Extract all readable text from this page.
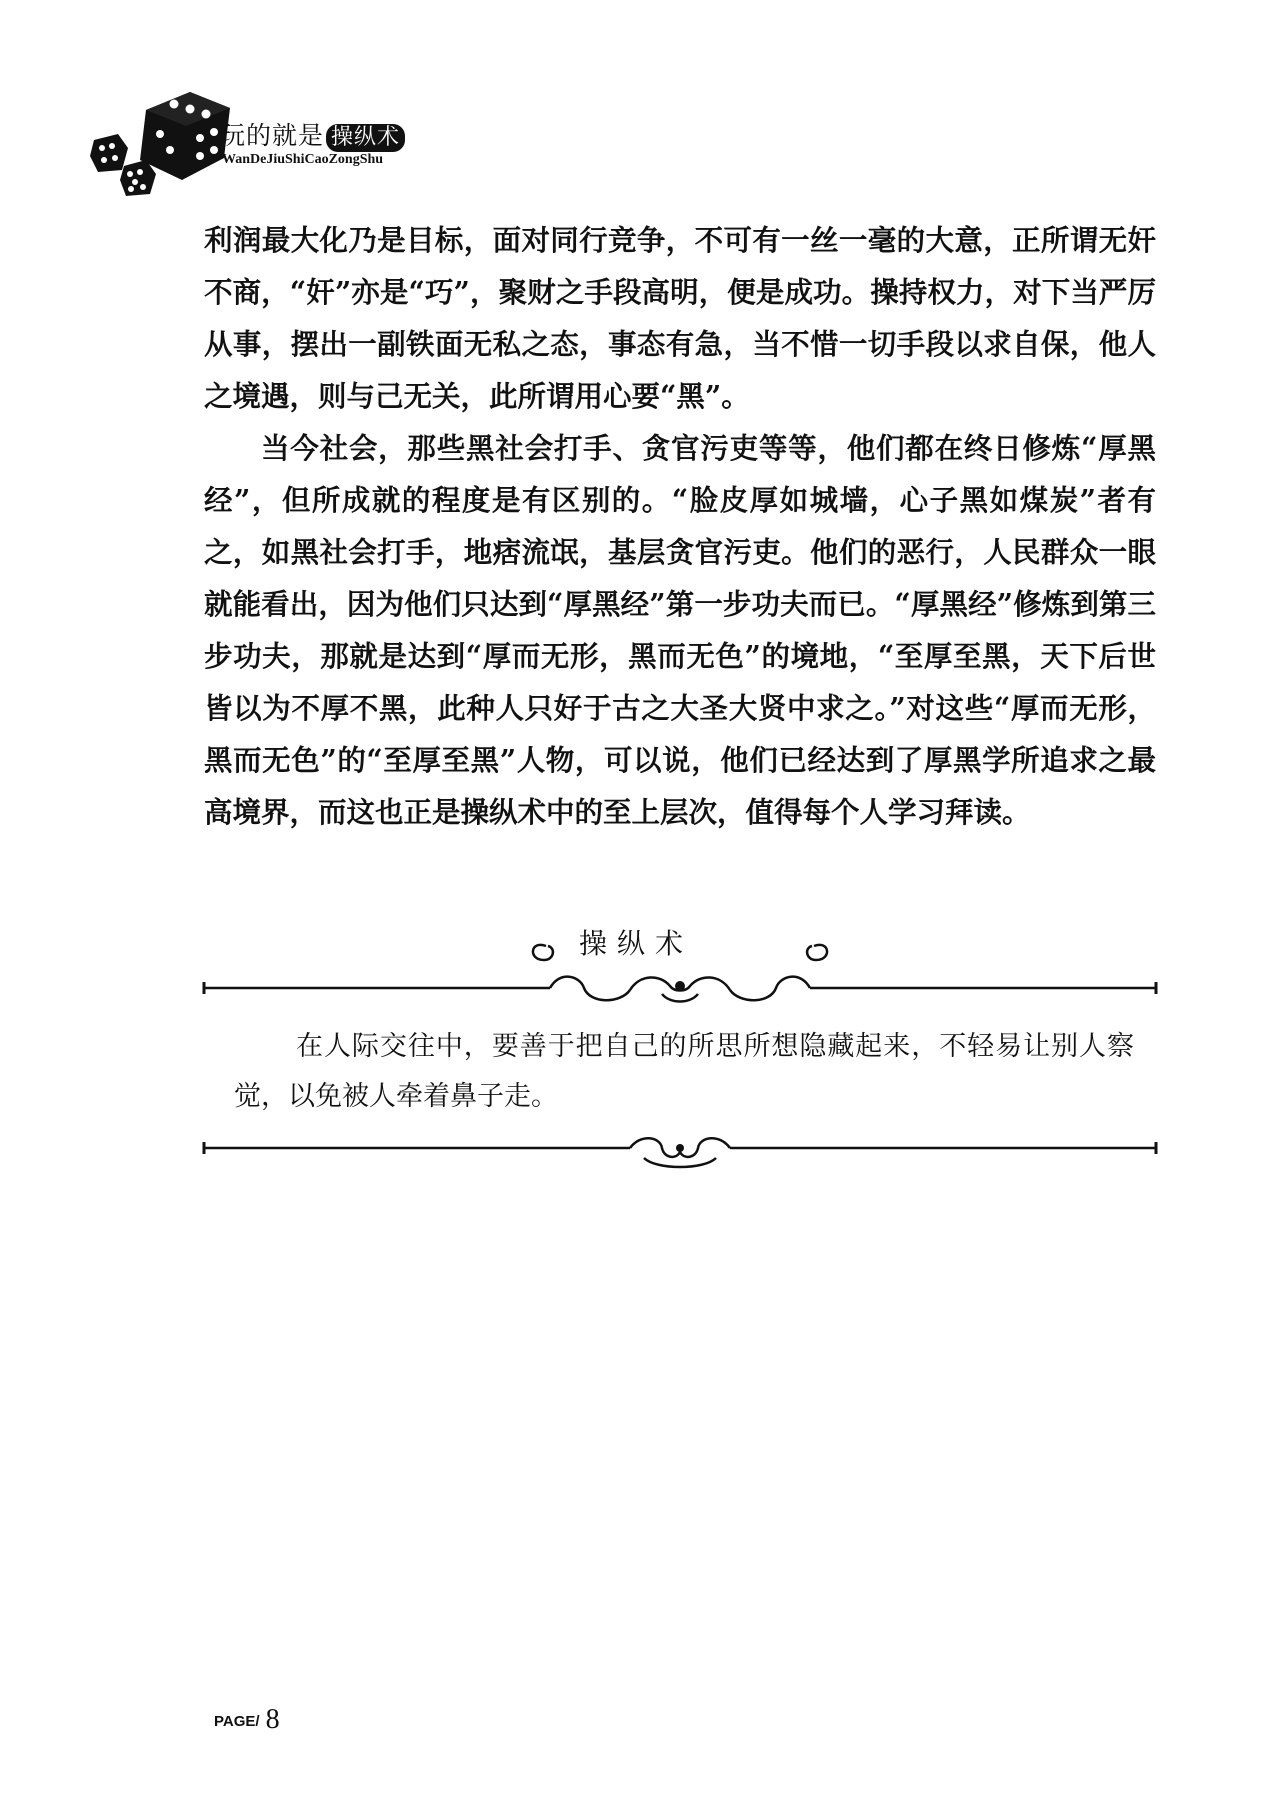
玩的就是 操纵术
WanDeJiuShiCaoZongShu

利润最大化乃是目标，面对同行竞争，不可有一丝一毫的大意，正所谓无奸不商，“奸”亦是“巧”，聚财之手段高明，便是成功。操持权力，对下当严厉从事，摆出一副铁面无私之态，事态有急，当不惜一切手段以求自保，他人之境遇，则与己无关，此所谓用心要“黑”。

当今社会，那些黑社会打手、贪官污吏等等，他们都在终日修炼“厚黑经”，但所成就的程度是有区别的。“脸皮厚如城墙，心子黑如煤炭”者有之，如黑社会打手，地痞流氓，基层贪官污吏。他们的恶行，人民群众一眼就能看出，因为他们只达到“厚黑经”第一步功夫而已。“厚黑经”修炼到第三步功夫，那就是达到“厚而无形，黑而无色”的境地，“至厚至黑，天下后世皆以为不厚不黑，此种人只好于古之大圣大贤中求之。”对这些“厚而无形，黑而无色”的“至厚至黑”人物，可以说，他们已经达到了厚黑学所追求之最高境界，而这也正是操纵术中的至上层次，值得每个人学习拜读。

操纵术

在人际交往中，要善于把自己的所思所想隐藏起来，不轻易让别人察觉，以免被人牵着鼻子走。

PAGE/ 8
